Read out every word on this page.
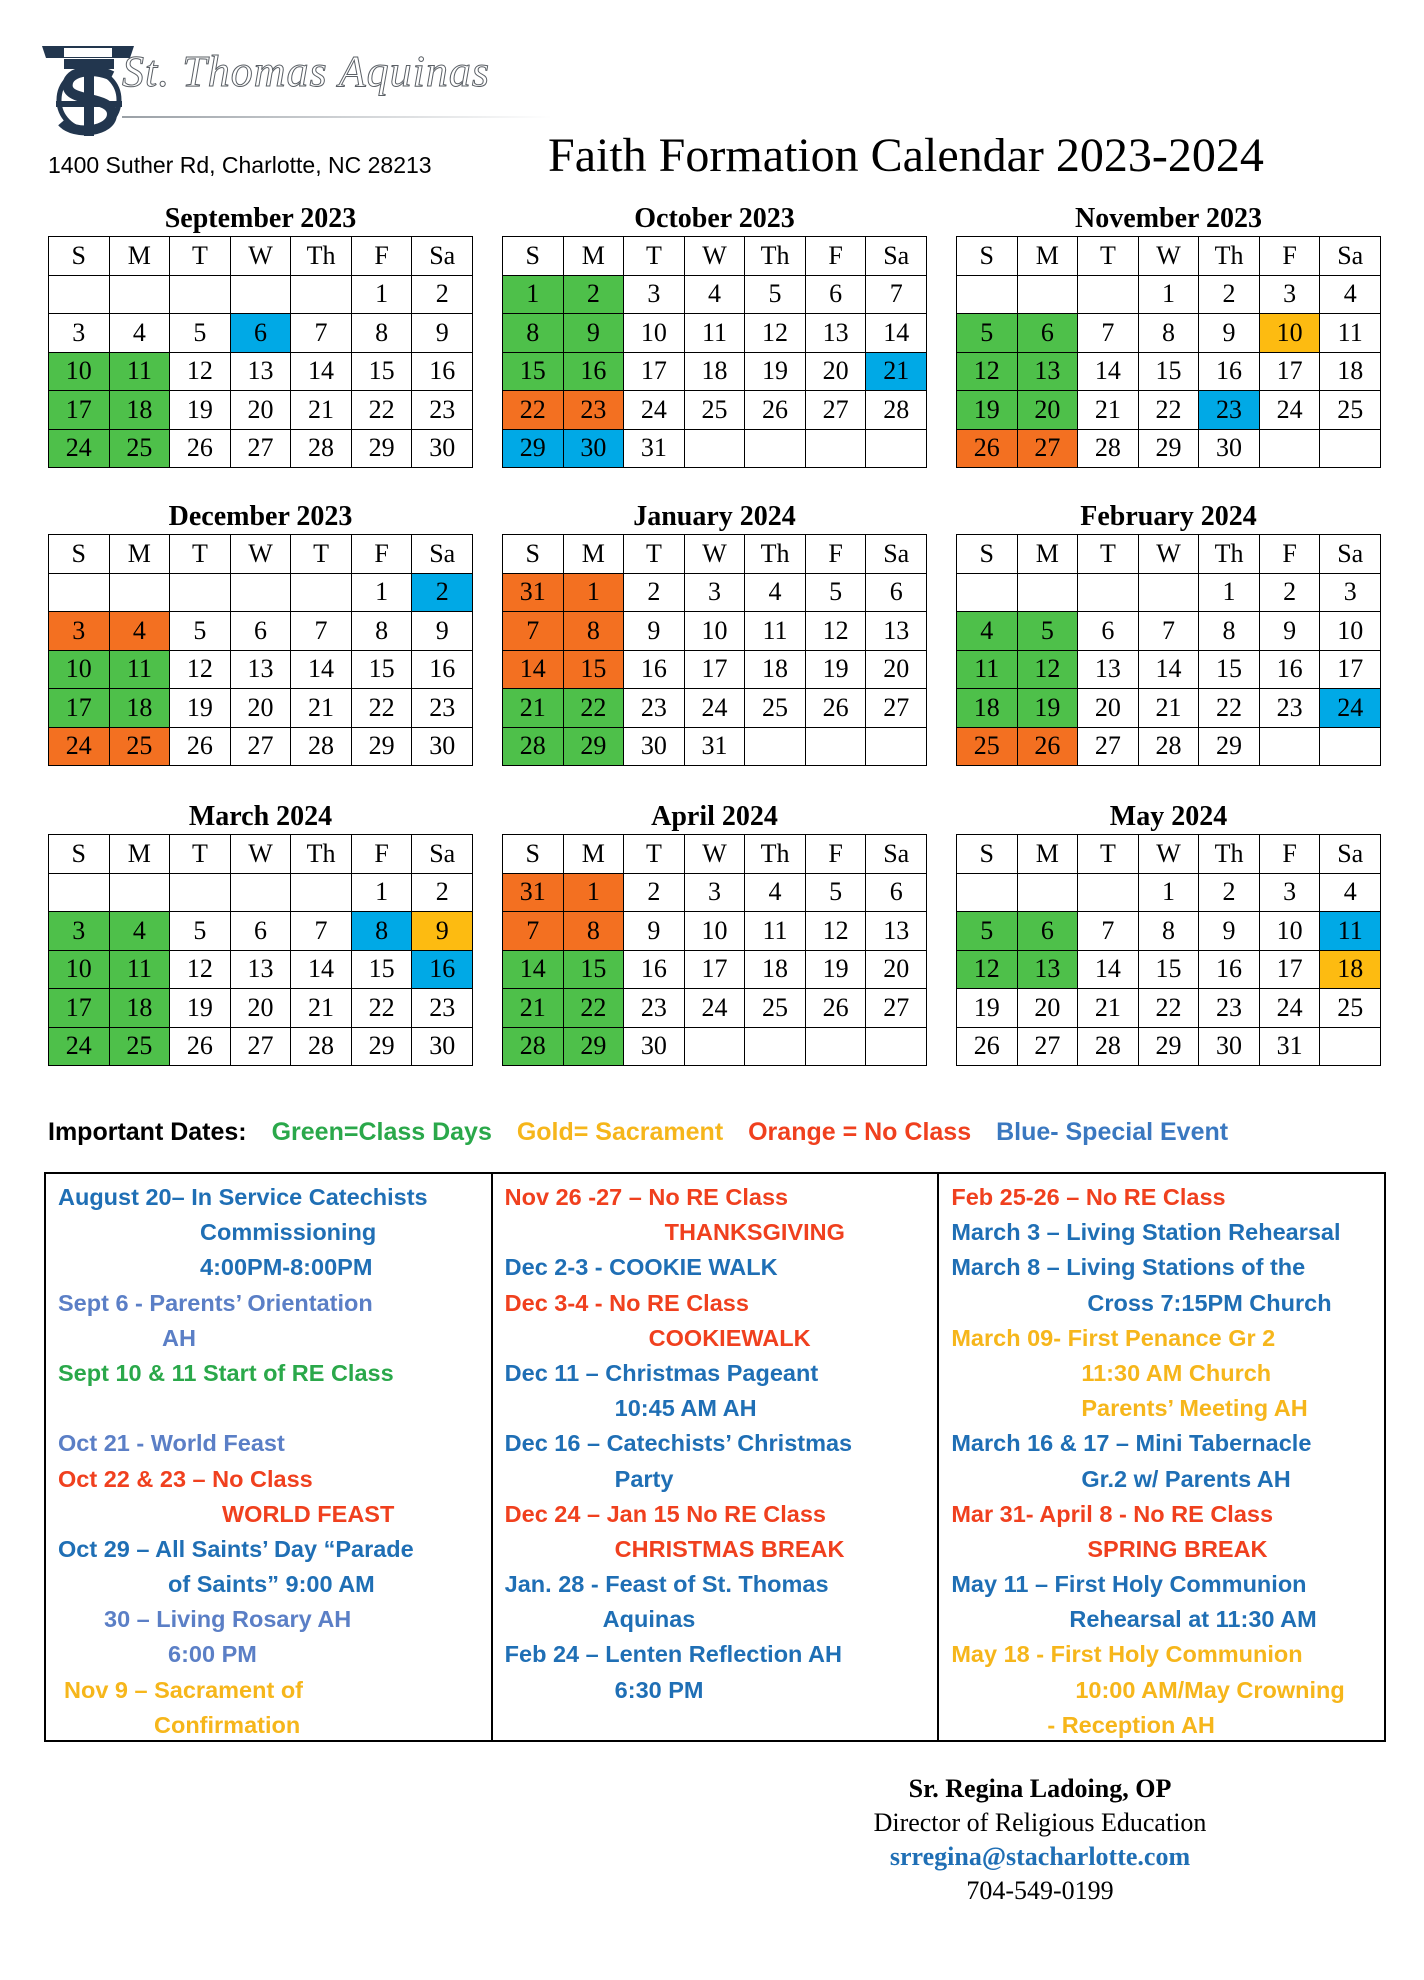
St. Thomas Aquinas
1400 Suther Rd, Charlotte, NC 28213 Faith Formation Calendar 2023-2024
September 2023
S	M	T	W	Th	F	Sa
					1	2
3	4	5	6	7	8	9
10	11	12	13	14	15	16
17	18	19	20	21	22	23
24	25	26	27	28	29	30
October 2023
S	M	T	W	Th	F	Sa
1	2	3	4	5	6	7
8	9	10	11	12	13	14
15	16	17	18	19	20	21
22	23	24	25	26	27	28
29	30	31				
November 2023
S	M	T	W	Th	F	Sa
			1	2	3	4
5	6	7	8	9	10	11
12	13	14	15	16	17	18
19	20	21	22	23	24	25
26	27	28	29	30		
December 2023
S	M	T	W	T	F	Sa
					1	2
3	4	5	6	7	8	9
10	11	12	13	14	15	16
17	18	19	20	21	22	23
24	25	26	27	28	29	30
January 2024
S	M	T	W	Th	F	Sa
31	1	2	3	4	5	6
7	8	9	10	11	12	13
14	15	16	17	18	19	20
21	22	23	24	25	26	27
28	29	30	31			
February 2024
S	M	T	W	Th	F	Sa
				1	2	3
4	5	6	7	8	9	10
11	12	13	14	15	16	17
18	19	20	21	22	23	24
25	26	27	28	29		
March 2024
S	M	T	W	Th	F	Sa
					1	2
3	4	5	6	7	8	9
10	11	12	13	14	15	16
17	18	19	20	21	22	23
24	25	26	27	28	29	30
April 2024
S	M	T	W	Th	F	Sa
31	1	2	3	4	5	6
7	8	9	10	11	12	13
14	15	16	17	18	19	20
21	22	23	24	25	26	27
28	29	30				
May 2024
S	M	T	W	Th	F	Sa
			1	2	3	4
5	6	7	8	9	10	11
12	13	14	15	16	17	18
19	20	21	22	23	24	25
26	27	28	29	30	31	
Important Dates: Green=Class Days Gold= Sacrament Orange = No Class Blue- Special Event
August 20– In Service Catechists
Commissioning
4:00PM-8:00PM
Sept 6 - Parents’ Orientation
AH
Sept 10 & 11 Start of RE Class
Oct 21 - World Feast
Oct 22 & 23 – No Class
WORLD FEAST
Oct 29 – All Saints’ Day “Parade
of Saints” 9:00 AM
30 – Living Rosary AH
6:00 PM
Nov 9 – Sacrament of
Confirmation
Nov 26 -27 – No RE Class
THANKSGIVING
Dec 2-3 - COOKIE WALK
Dec 3-4 - No RE Class
COOKIEWALK
Dec 11 – Christmas Pageant
10:45 AM AH
Dec 16 – Catechists’ Christmas
Party
Dec 24 – Jan 15 No RE Class
CHRISTMAS BREAK
Jan. 28 - Feast of St. Thomas
Aquinas
Feb 24 – Lenten Reflection AH
6:30 PM
Feb 25-26 – No RE Class
March 3 – Living Station Rehearsal
March 8 – Living Stations of the
Cross 7:15PM Church
March 09- First Penance Gr 2
11:30 AM Church
Parents’ Meeting AH
March 16 & 17 – Mini Tabernacle
Gr.2 w/ Parents AH
Mar 31- April 8 - No RE Class
SPRING BREAK
May 11 – First Holy Communion
Rehearsal at 11:30 AM
May 18 - First Holy Communion
10:00 AM/May Crowning
- Reception AH
Sr. Regina Ladoing, OP
Director of Religious Education
srregina@stacharlotte.com
704-549-0199
